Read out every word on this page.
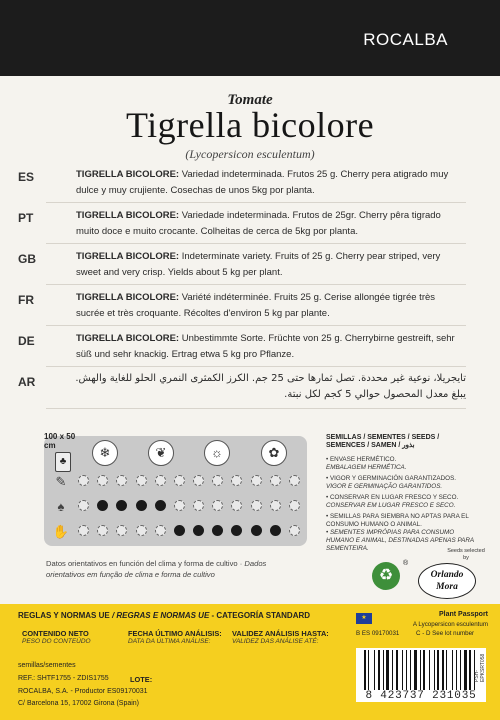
ROCALBA
Tomate
Tigrella bicolore
(Lycopersicon esculentum)
ES	TIGRELLA BICOLORE: Variedad indeterminada. Frutos 25 g. Cherry pera atigrado muy dulce y muy crujiente. Cosechas de unos 5kg por planta.
PT	TIGRELLA BICOLORE: Variedade indeterminada. Frutos de 25gr. Cherry pêra tigrado muito doce e muito crocante. Colheitas de cerca de 5kg por planta.
GB	TIGRELLA BICOLORE: Indeterminate variety. Fruits of 25 g. Cherry pear striped, very sweet and very crisp. Yields about 5 kg per plant.
FR	TIGRELLA BICOLORE: Variété indéterminée. Fruits 25 g. Cerise allongée tigrée très sucrée et très croquante. Récoltes d'environ 5 kg par plante.
DE	TIGRELLA BICOLORE: Unbestimmte Sorte. Früchte von 25 g. Cherrybirne gestreift, sehr süß und sehr knackig. Ertrag etwa 5 kg pro Pflanze.
AR	تايجريلا، نوعية غير محددة. تصل ثمارها حتى 25 جم. الكرز الكمثرى النمري الحلو للغاية والهش. يبلغ معدل المحصول حوالي 5 كجم لكل نبتة.
100 x 50 cm
♣
❄	❦	☼	✿
✎
♠
✋
Datos orientativos en función del clima y forma de cultivo · Dados orientativos em função de clima e forma de cultivo
SEMILLAS / SEMENTES / SEEDS / SEMENCES / SAMEN / بذور
• ENVASE HERMÉTICO.
EMBALAGEM HERMÉTICA.
• VIGOR Y GERMINACIÓN GARANTIZADOS.
VIGOR E GERMINAÇÃO GARANTIDOS.
• CONSERVAR EN LUGAR FRESCO Y SECO.
CONSERVAR EM LUGAR FRESCO E SECO.
• SEMILLAS PARA SIEMBRA NO APTAS PARA EL CONSUMO HUMANO O ANIMAL.
• SEMENTES IMPRÓPIAS PARA CONSUMO HUMANO E ANIMAL, DESTINADAS APENAS PARA SEMENTEIRA.
♻
®
Seeds selected by
Orlando Mora
REGLAS Y NORMAS UE / REGRAS E NORMAS UE - CATEGORÍA STANDARD
CONTENIDO NETO
PESO DO CONTEÚDO
FECHA ÚLTIMO ANÁLISIS:
DATA DA ÚLTIMA ANÁLISE:
VALIDEZ ANÁLISIS HASTA:
VALIDEZ DAS ANÁLISE ATÉ:
semillas/sementes
REF.: SHTF1755 - ZDIS1755	LOTE:
ROCALBA, S.A. - Productor ES09170031
C/ Barcelona 15, 17002 Girona (Spain)
★	Plant Passport
A Lycopersicon esculentum
B ES 09170031	C - D See lot number
8 423737 231035
PSH-EPKSRT058
